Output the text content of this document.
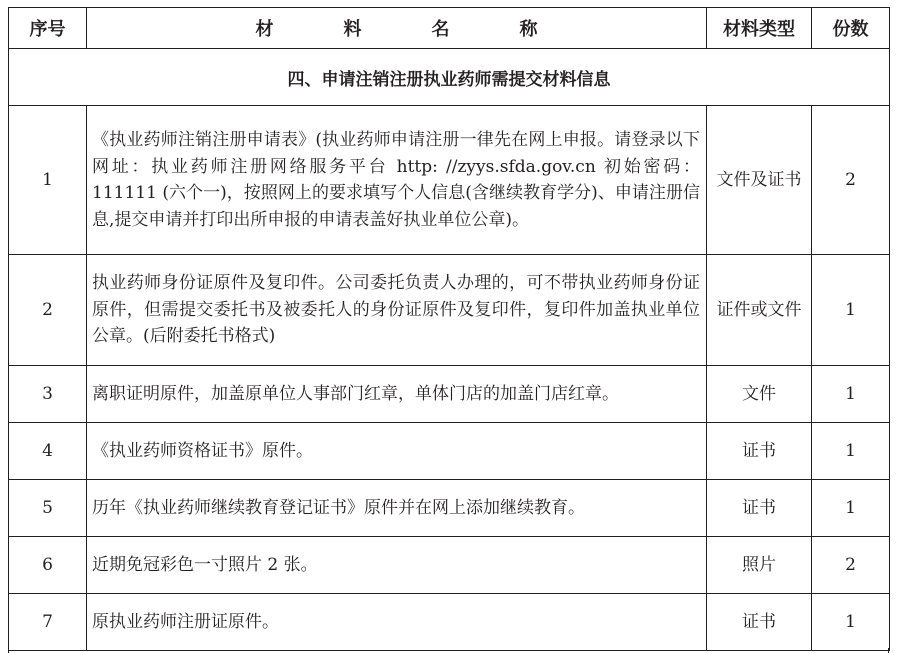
序号	材 料 名 称	材料类型	份数
四、申请注销注册执业药师需提交材料信息			
1	《执业药师注销注册申请表》(执业药师申请注册一律先在网上申报。请登录以下网址：执业药师注册网络服务平台 http: //zyys.sfda.gov.cn 初始密码：111111 (六个一)，按照网上的要求填写个人信息(含继续教育学分)、申请注册信息,提交申请并打印出所申报的申请表盖好执业单位公章)。	文件及证书	2
2	执业药师身份证原件及复印件。公司委托负责人办理的，可不带执业药师身份证原件，但需提交委托书及被委托人的身份证原件及复印件，复印件加盖执业单位公章。(后附委托书格式)	证件或文件	1
3	离职证明原件，加盖原单位人事部门红章，单体门店的加盖门店红章。	文件	1
4	《执业药师资格证书》原件。	证书	1
5	历年《执业药师继续教育登记证书》原件并在网上添加继续教育。	证书	1
6	近期免冠彩色一寸照片 2 张。	照片	2
7	原执业药师注册证原件。	证书	1
